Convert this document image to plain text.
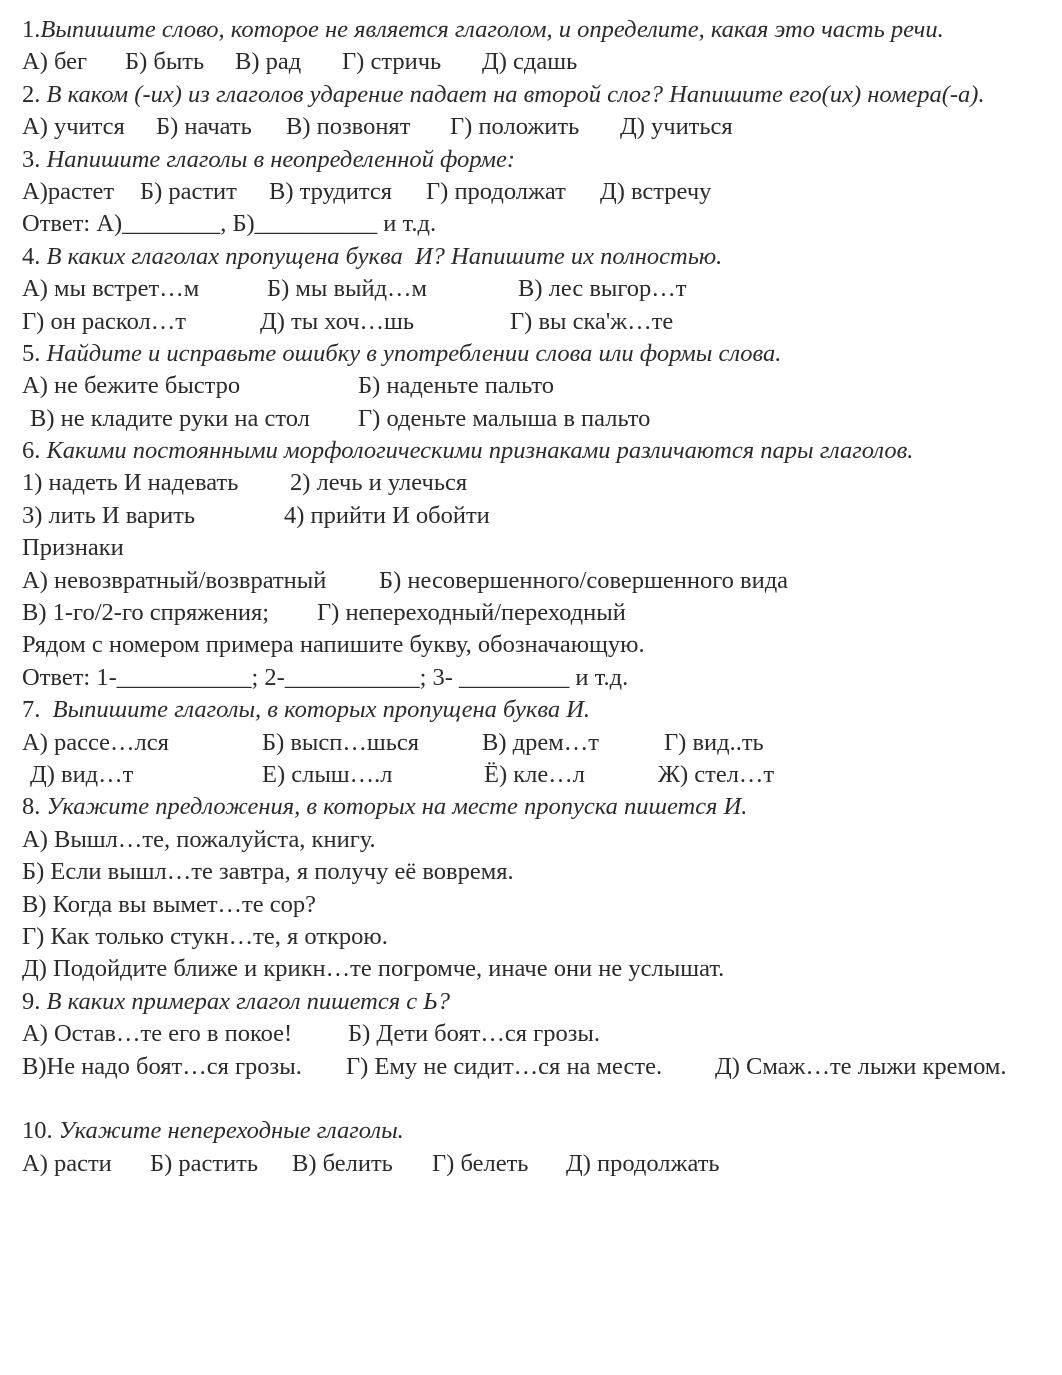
1.Выпишите слово, которое не является глаголом, и определите, какая это часть речи.

А) бег

Б) быть

В) рад

Г) стричь

Д) сдашь

2. В каком (-их) из глаголов ударение падает на второй слог? Напишите его(их) номера(-а).

А) учится

Б) начать

В) позвонят

Г) положить

Д) учиться

3. Напишите глаголы в неопределенной форме:

А)растет

Б) растит

В) трудится

Г) продолжат

Д) встречу

Ответ: А)________, Б)__________ и т.д.

4. В каких глаголах пропущена буква  И? Напишите их полностью.

А) мы встрет…м

	Б) мы выйд…м

	В) лес выгор…т

Г) он раскол…т

	Д) ты хоч…шь

	Г) вы ска'ж…те

5. Найдите и исправьте ошибку в употреблении слова или формы слова.

А) не бежите быстро

	Б) наденьте пальто

В) не кладите руки на стол

Г) оденьте малыша в пальто

6. Какими постоянными морфологическими признаками различаются пары глаголов.

1) надеть И надевать

2) лечь и улечься

3) лить И варить

	4) прийти И обойти

Признаки

А) невозвратный/возвратный

Б) несовершенного/совершенного вида

В) 1-го/2-го спряжения;

Г) непереходный/переходный

Рядом с номером примера напишите букву, обозначающую.

Ответ: 1-___________; 2-___________; 3- _________ и т.д.

7.  Выпишите глаголы, в которых пропущена буква И.

А) рассе…лся

	Б) высп…шься

	В) дрем…т

	Г) вид..ть

Д) вид…т

	Е) слыш….л

	Ё) кле…л

	Ж) стел…т

8. Укажите предложения, в которых на месте пропуска пишется И.

А) Вышл…те, пожалуйста, книгу.

Б) Если вышл…те завтра, я получу её вовремя.

В) Когда вы вымет…те сор?

Г) Как только стукн…те, я открою.

Д) Подойдите ближе и крикн…те погромче, иначе они не услышат.

9. В каких примерах глагол пишется с Ь?

А) Остав…те его в покое!

Б) Дети боят…ся грозы.

В)Не надо боят…ся грозы.

Г) Ему не сидит…ся на месте.

Д) Смаж…те лыжи кремом.

10. Укажите непереходные глаголы.

А) расти

Б) растить

В) белить

Г) белеть

Д) продолжать
